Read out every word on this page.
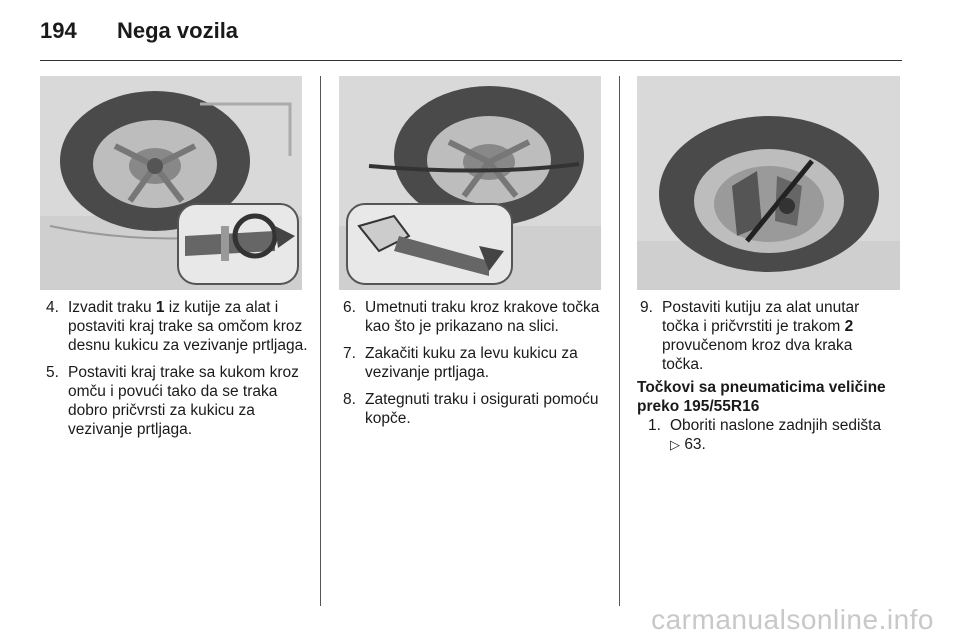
194 Nega vozila
4. Izvadit traku 1 iz kutije za alat i postaviti kraj trake sa omčom kroz desnu kukicu za vezivanje prtljaga.
5. Postaviti kraj trake sa kukom kroz omču i povući tako da se traka dobro pričvrsti za kukicu za vezivanje prtljaga.
6. Umetnuti traku kroz krakove točka kao što je prikazano na slici.
7. Zakačiti kuku za levu kukicu za vezivanje prtljaga.
8. Zategnuti traku i osigurati pomoću kopče.
9. Postaviti kutiju za alat unutar točka i pričvrstiti je trakom 2 provučenom kroz dva kraka točka.
Točkovi sa pneumaticima veličine preko 195/55R16
1. Oboriti naslone zadnjih sedišta
▷ 63.
carmanualsonline.info
